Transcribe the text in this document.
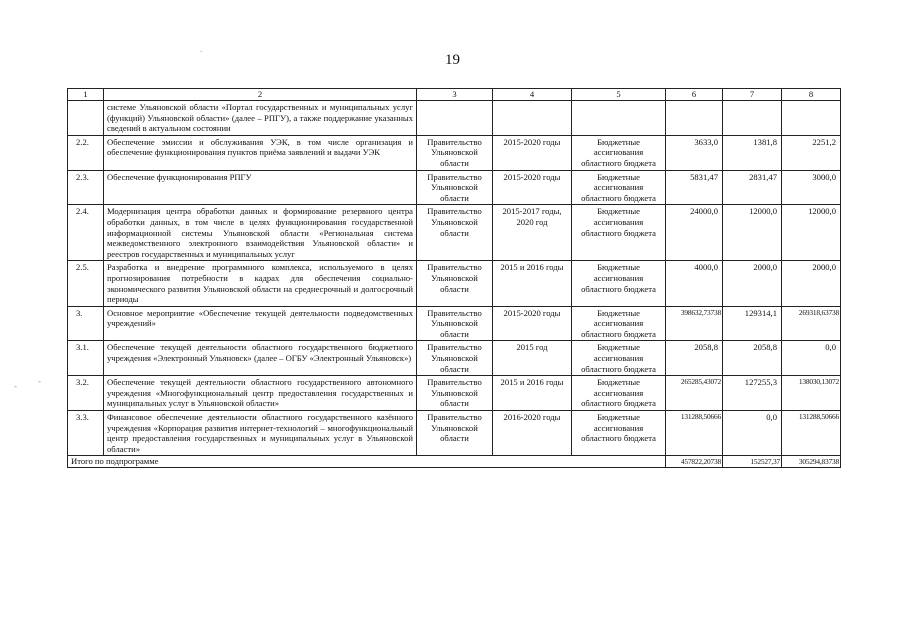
19
.
-
-
1	2	3	4	5	6	7	8
	системе Ульяновской области «Портал государственных и муниципальных услуг (функций) Ульяновской области» (далее – РПГУ), а также поддержание указанных сведений в актуальном состоянии						
2.2.	Обеспечение эмиссии и обслуживания УЭК, в том числе организация и обеспечение функционирования пунктов приёма заявлений и выдачи УЭК	Правительство Ульяновской области	2015-2020 годы	Бюджетные ассигнования областного бюджета	3633,0	1381,8	2251,2
2.3.	Обеспечение функционирования РПГУ	Правительство Ульяновской области	2015-2020 годы	Бюджетные ассигнования областного бюджета	5831,47	2831,47	3000,0
2.4.	Модернизация центра обработки данных и формирование резервного центра обработки данных, в том числе в целях функционирования государственной информационной системы Ульяновской области «Региональная система межведомственного электронного взаимодействия Ульяновской области» и реестров государственных и муниципальных услуг	Правительство Ульяновской области	2015-2017 годы, 2020 год	Бюджетные ассигнования областного бюджета	24000,0	12000,0	12000,0
2.5.	Разработка и внедрение программного комплекса, используемого в целях прогнозирования потребности в кадрах для обеспечения социально-экономического развития Ульяновской области на среднесрочный и долгосрочный периоды	Правительство Ульяновской области	2015 и 2016 годы	Бюджетные ассигнования областного бюджета	4000,0	2000,0	2000,0
3.	Основное мероприятие «Обеспечение текущей деятельности подведомственных учреждений»	Правительство Ульяновской области	2015-2020 годы	Бюджетные ассигнования областного бюджета	398632,73738	129314,1	269318,63738
3.1.	Обеспечение текущей деятельности областного государственного бюджетного учреждения «Электронный Ульяновск» (далее – ОГБУ «Электронный Ульяновск»)	Правительство Ульяновской области	2015 год	Бюджетные ассигнования областного бюджета	2058,8	2058,8	0,0
3.2.	Обеспечение текущей деятельности областного государственного автономного учреждения «Многофункциональный центр предоставления государственных и муниципальных услуг в Ульяновской области»	Правительство Ульяновской области	2015 и 2016 годы	Бюджетные ассигнования областного бюджета	265285,43072	127255,3	138030,13072
3.3.	Финансовое обеспечение деятельности областного государственного казённого учреждения «Корпорация развития интернет-технологий – многофункциональный центр предоставления государственных и муниципальных услуг в Ульяновской области»	Правительство Ульяновской области	2016-2020 годы	Бюджетные ассигнования областного бюджета	131288,50666	0,0	131288,50666
Итого по подпрограмме					457822,20738	152527,37	305294,83738
